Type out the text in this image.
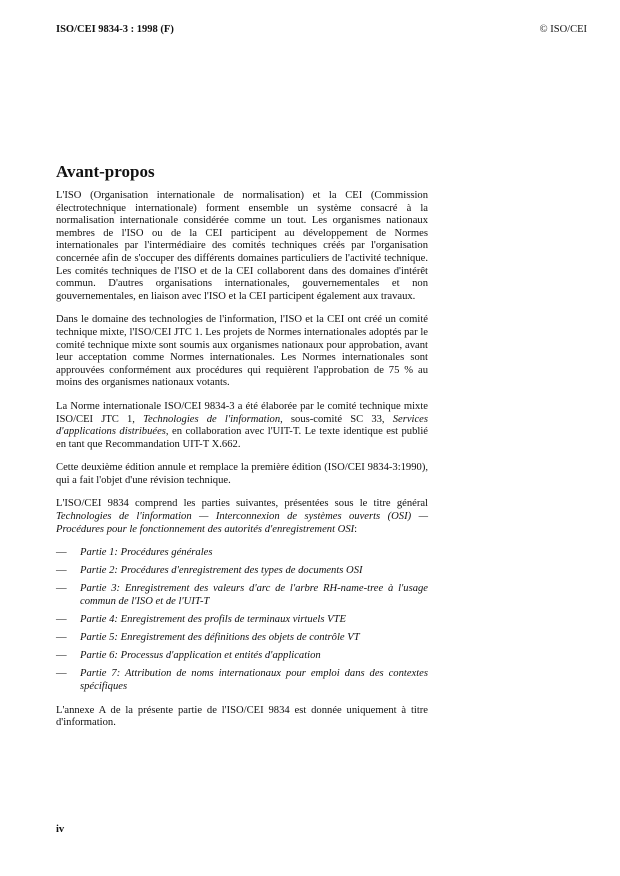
ISO/CEI 9834-3 : 1998 (F)	© ISO/CEI
Avant-propos

L'ISO (Organisation internationale de normalisation) et la CEI (Commission électrotechnique internationale) forment ensemble un système consacré à la normalisation internationale considérée comme un tout. Les organismes nationaux membres de l'ISO ou de la CEI participent au développement de Normes internationales par l'intermédiaire des comités techniques créés par l'organisation concernée afin de s'occuper des différents domaines particuliers de l'activité technique. Les comités techniques de l'ISO et de la CEI collaborent dans des domaines d'intérêt commun. D'autres organisations internationales, gouvernementales et non gouvernementales, en liaison avec l'ISO et la CEI participent également aux travaux.

Dans le domaine des technologies de l'information, l'ISO et la CEI ont créé un comité technique mixte, l'ISO/CEI JTC 1. Les projets de Normes internationales adoptés par le comité technique mixte sont soumis aux organismes nationaux pour approbation, avant leur acceptation comme Normes internationales. Les Normes internationales sont approuvées conformément aux procédures qui requièrent l'approbation de 75 % au moins des organismes nationaux votants.

La Norme internationale ISO/CEI 9834-3 a été élaborée par le comité technique mixte ISO/CEI JTC 1, Technologies de l'information, sous-comité SC 33, Services d'applications distribuées, en collaboration avec l'UIT-T. Le texte identique est publié en tant que Recommandation UIT-T X.662.

Cette deuxième édition annule et remplace la première édition (ISO/CEI 9834-3:1990), qui a fait l'objet d'une révision technique.

L'ISO/CEI 9834 comprend les parties suivantes, présentées sous le titre général Technologies de l'information — Interconnexion de systèmes ouverts (OSI) — Procédures pour le fonctionnement des autorités d'enregistrement OSI:

—	Partie 1: Procédures générales
—	Partie 2: Procédures d'enregistrement des types de documents OSI
—	Partie 3: Enregistrement des valeurs d'arc de l'arbre RH-name-tree à l'usage commun de l'ISO et de l'UIT-T
—	Partie 4: Enregistrement des profils de terminaux virtuels VTE
—	Partie 5: Enregistrement des définitions des objets de contrôle VT
—	Partie 6: Processus d'application et entités d'application
—	Partie 7: Attribution de noms internationaux pour emploi dans des contextes spécifiques

L'annexe A de la présente partie de l'ISO/CEI 9834 est donnée uniquement à titre d'information.

iv
